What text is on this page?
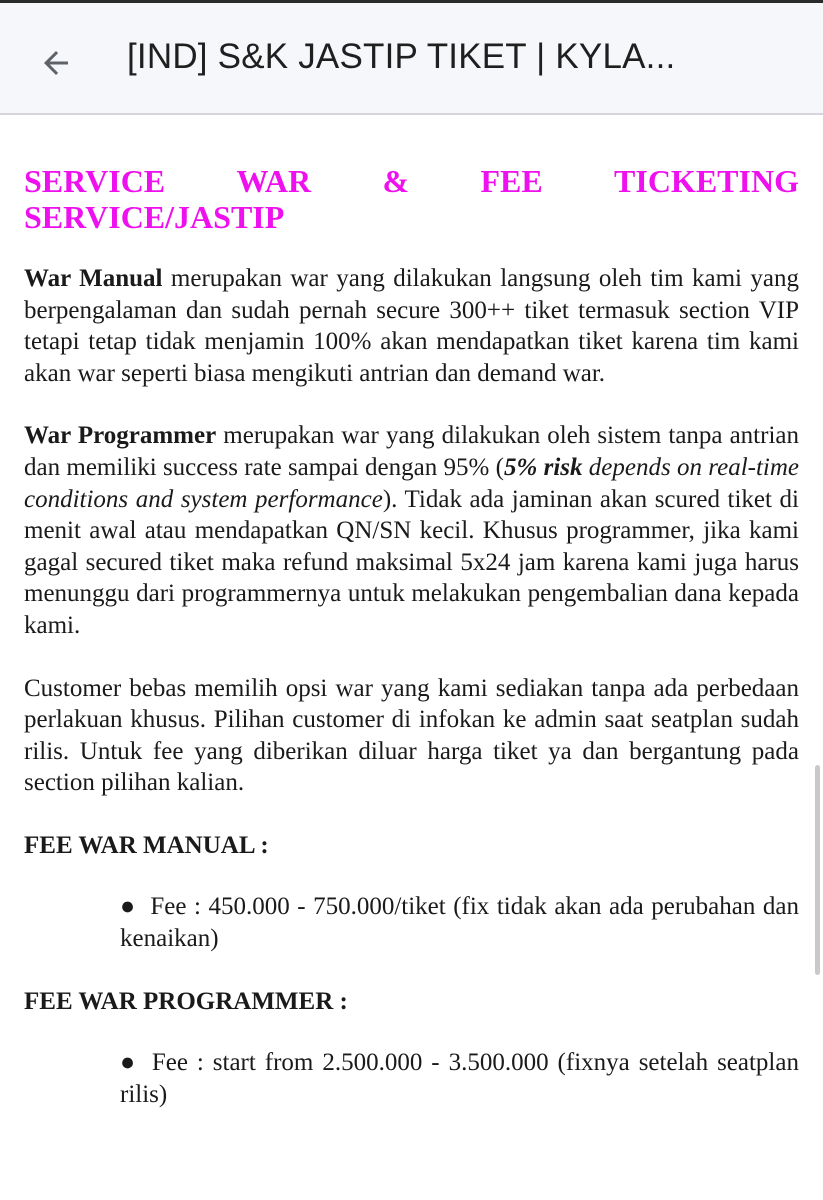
[IND] S&K JASTIP TIKET | KYLA...
SERVICE WAR & FEE TICKETING
SERVICE/JASTIP

War Manual merupakan war yang dilakukan langsung oleh tim kami yang berpengalaman dan sudah pernah secure 300++ tiket termasuk section VIP tetapi tetap tidak menjamin 100% akan mendapatkan tiket karena tim kami akan war seperti biasa mengikuti antrian dan demand war.

War Programmer merupakan war yang dilakukan oleh sistem tanpa antrian dan memiliki success rate sampai dengan 95% (5% risk depends on real-time conditions and system performance). Tidak ada jaminan akan scured tiket di menit awal atau mendapatkan QN/SN kecil. Khusus programmer, jika kami gagal secured tiket maka refund maksimal 5x24 jam karena kami juga harus menunggu dari programmernya untuk melakukan pengembalian dana kepada kami.

Customer bebas memilih opsi war yang kami sediakan tanpa ada perbedaan perlakuan khusus. Pilihan customer di infokan ke admin saat seatplan sudah rilis. Untuk fee yang diberikan diluar harga tiket ya dan bergantung pada section pilihan kalian.

FEE WAR MANUAL :
● Fee : 450.000 - 750.000/tiket (fix tidak akan ada perubahan dan kenaikan)
FEE WAR PROGRAMMER :
● Fee : start from 2.500.000 - 3.500.000 (fixnya setelah seatplan rilis)
